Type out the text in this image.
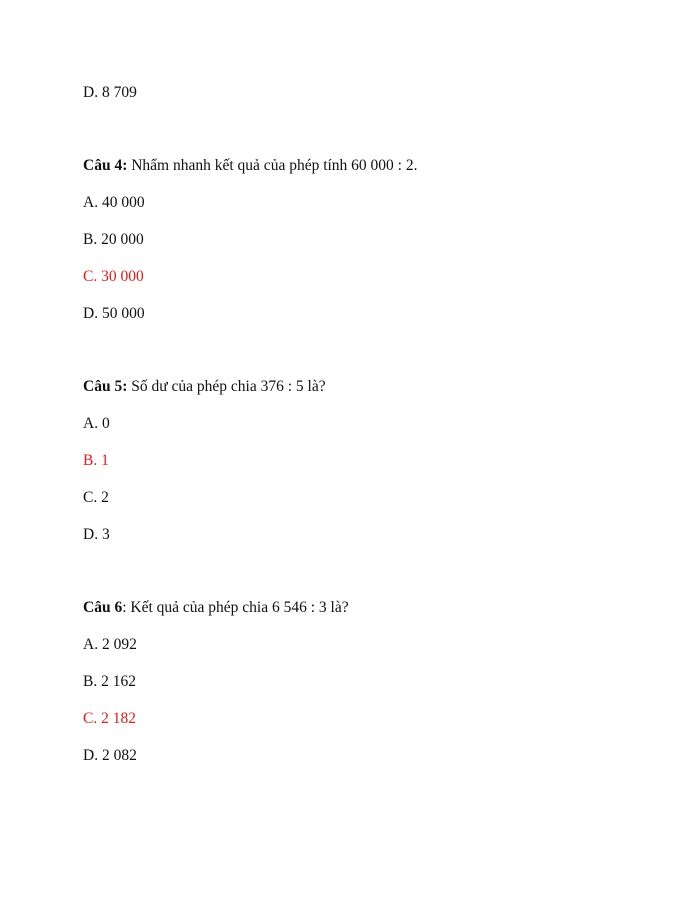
D. 8 709
Câu 4: Nhẩm nhanh kết quả của phép tính 60 000 : 2.
A. 40 000
B. 20 000
C. 30 000
D. 50 000
Câu 5: Số dư của phép chia 376 : 5 là?
A. 0
B. 1
C. 2
D. 3
Câu 6: Kết quả của phép chia 6 546 : 3 là?
A. 2 092
B. 2 162
C. 2 182
D. 2 082
